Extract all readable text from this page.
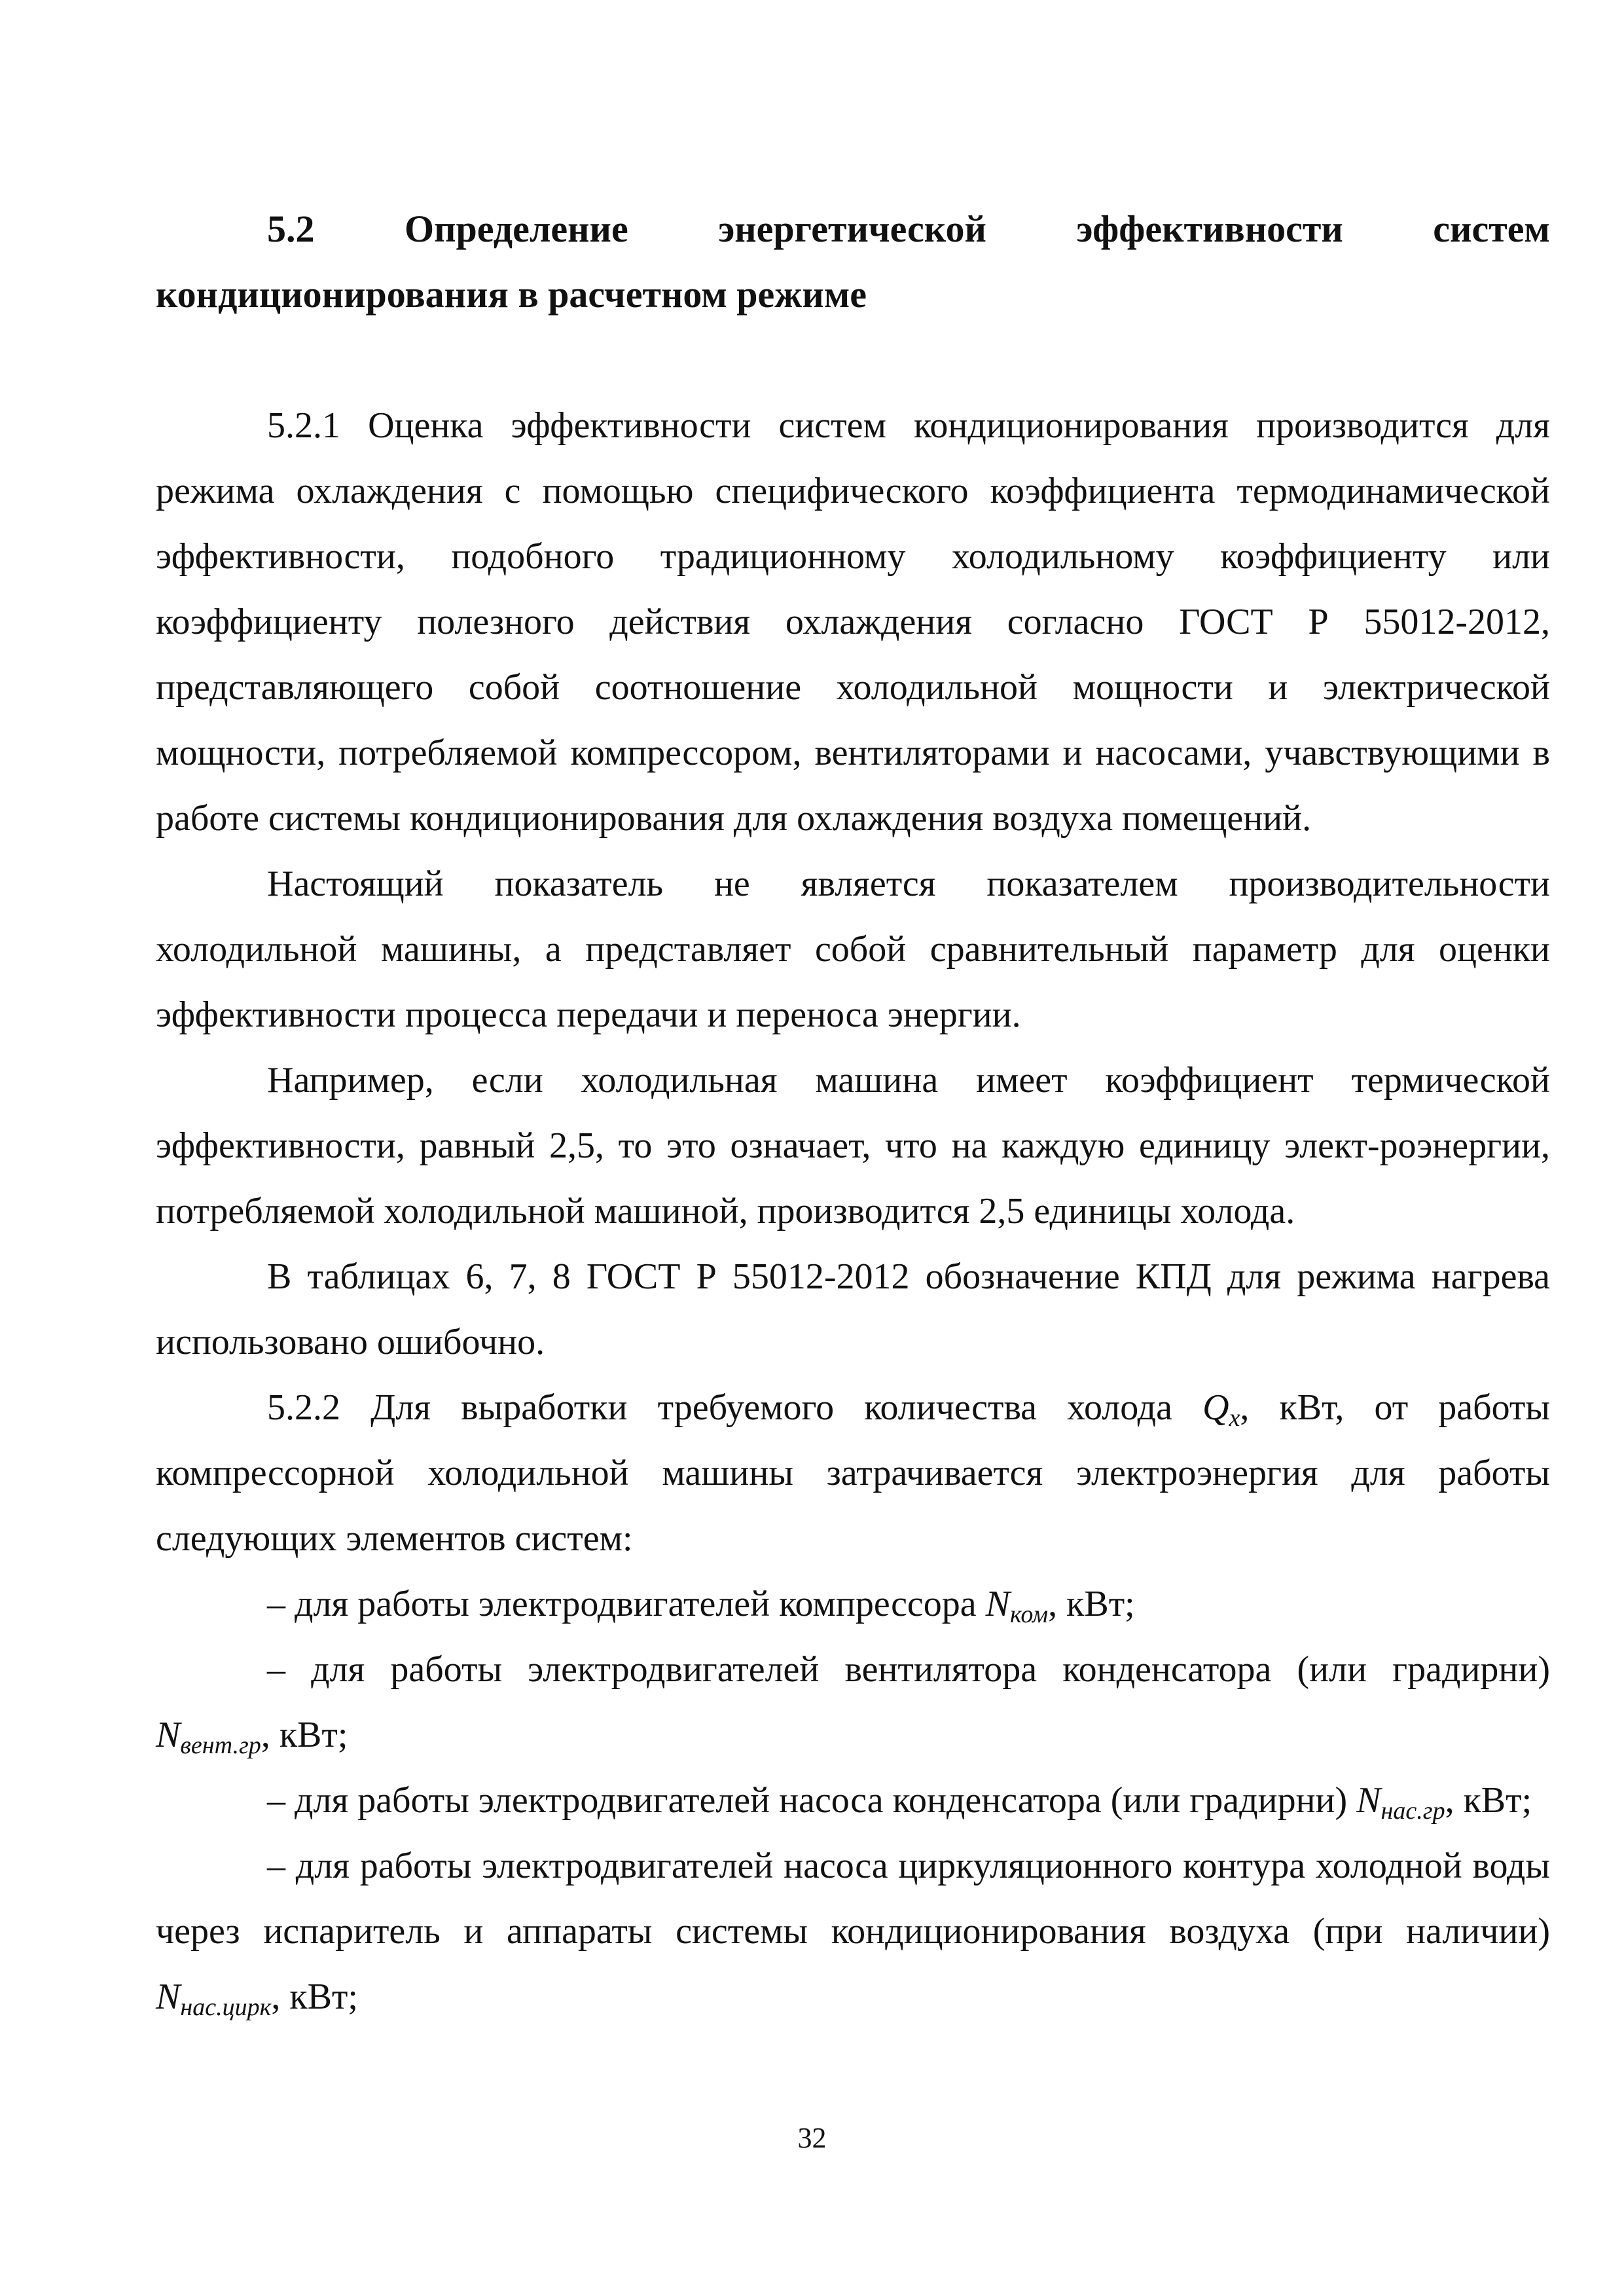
5.2 Определение энергетической эффективности систем
кондиционирования в расчетном режиме

5.2.1 Оценка эффективности систем кондиционирования производится для режима охлаждения с помощью специфического коэффициента термодинамической эффективности, подобного традиционному холодильному коэффициенту или коэффициенту полезного действия охлаждения согласно ГОСТ Р 55012-2012, представляющего собой соотношение холодильной мощности и электрической мощности, потребляемой компрессором, вентиляторами и насосами, учавствующими в работе системы кондиционирования для охлаждения воздуха помещений.

Настоящий показатель не является показателем производительности холодильной машины, а представляет собой сравнительный параметр для оценки эффективности процесса передачи и переноса энергии.

Например, если холодильная машина имеет коэффициент термической эффективности, равный 2,5, то это означает, что на каждую единицу элект-роэнергии, потребляемой холодильной машиной, производится 2,5 единицы холода.

В таблицах 6, 7, 8 ГОСТ Р 55012-2012 обозначение КПД для режима нагрева использовано ошибочно.

5.2.2 Для выработки требуемого количества холода $Q_х$, кВт, от работы компрессорной холодильной машины затрачивается электроэнергия для работы следующих элементов систем:

– для работы электродвигателей компрессора $N_{ком}$, кВт;

– для работы электродвигателей вентилятора конденсатора (или градирни) $N_{вент.гр}$, кВт;

– для работы электродвигателей насоса конденсатора (или градирни) $N_{нас.гр}$, кВт;

– для работы электродвигателей насоса циркуляционного контура холодной воды через испаритель и аппараты системы кондиционирования воздуха (при наличии) $N_{нас.цирк}$, кВт;

32
